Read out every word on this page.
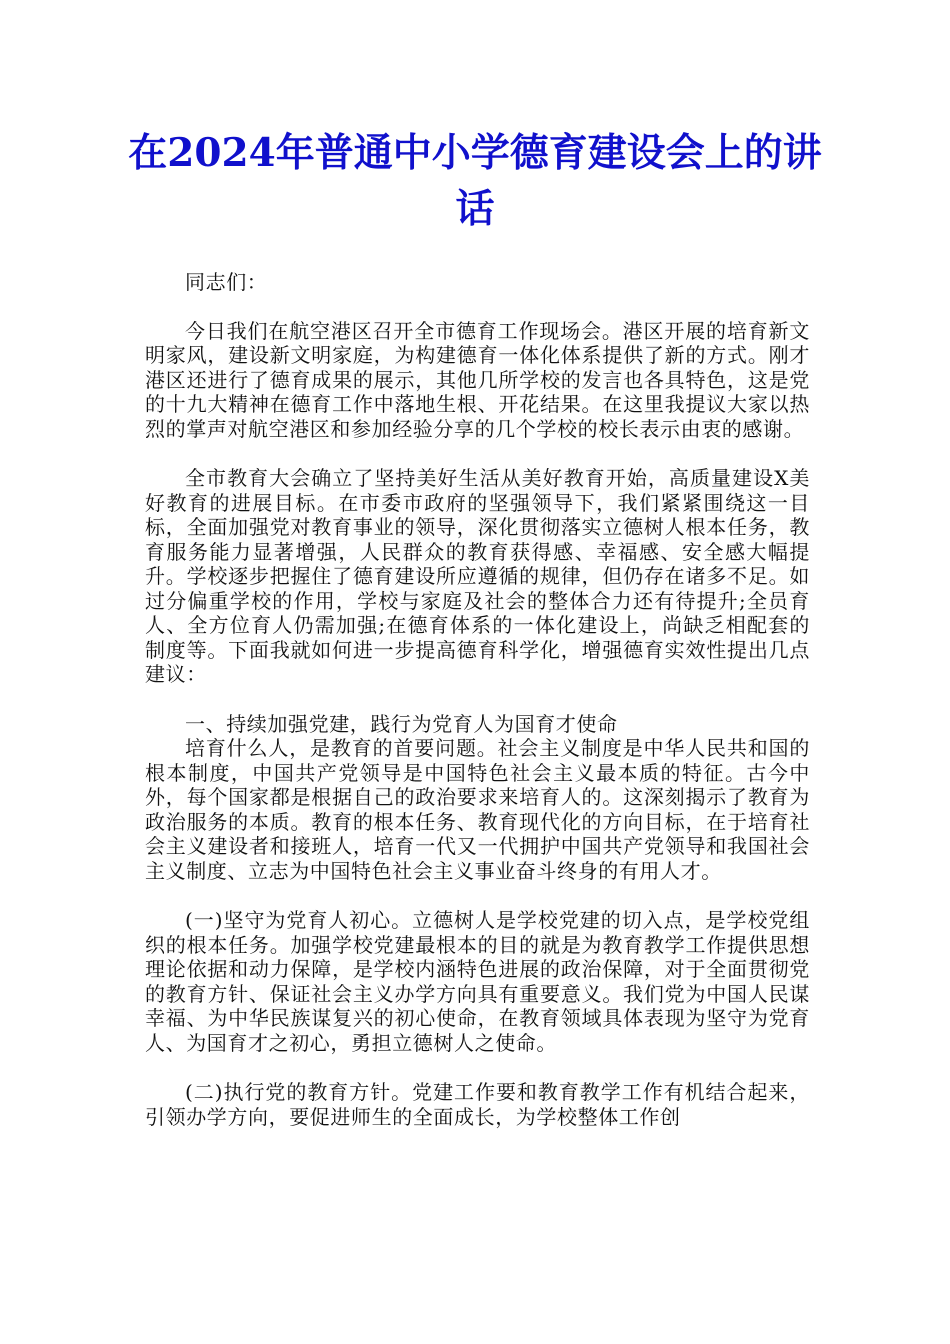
在2024年普通中小学德育建设会上的讲话

同志们：

今日我们在航空港区召开全市德育工作现场会。港区开展的培育新文明家风，建设新文明家庭，为构建德育一体化体系提供了新的方式。刚才港区还进行了德育成果的展示，其他几所学校的发言也各具特色，这是党的十九大精神在德育工作中落地生根、开花结果。在这里我提议大家以热烈的掌声对航空港区和参加经验分享的几个学校的校长表示由衷的感谢。

全市教育大会确立了坚持美好生活从美好教育开始，高质量建设X美好教育的进展目标。在市委市政府的坚强领导下，我们紧紧围绕这一目标，全面加强党对教育事业的领导，深化贯彻落实立德树人根本任务，教育服务能力显著增强，人民群众的教育获得感、幸福感、安全感大幅提升。学校逐步把握住了德育建设所应遵循的规律，但仍存在诸多不足。如过分偏重学校的作用，学校与家庭及社会的整体合力还有待提升;全员育人、全方位育人仍需加强;在德育体系的一体化建设上，尚缺乏相配套的制度等。下面我就如何进一步提高德育科学化，增强德育实效性提出几点建议：

一、持续加强党建，践行为党育人为国育才使命

培育什么人，是教育的首要问题。社会主义制度是中华人民共和国的根本制度，中国共产党领导是中国特色社会主义最本质的特征。古今中外，每个国家都是根据自己的政治要求来培育人的。这深刻揭示了教育为政治服务的本质。教育的根本任务、教育现代化的方向目标，在于培育社会主义建设者和接班人，培育一代又一代拥护中国共产党领导和我国社会主义制度、立志为中国特色社会主义事业奋斗终身的有用人才。

(一)坚守为党育人初心。立德树人是学校党建的切入点，是学校党组织的根本任务。加强学校党建最根本的目的就是为教育教学工作提供思想理论依据和动力保障，是学校内涵特色进展的政治保障，对于全面贯彻党的教育方针、保证社会主义办学方向具有重要意义。我们党为中国人民谋幸福、为中华民族谋复兴的初心使命，在教育领域具体表现为坚守为党育人、为国育才之初心，勇担立德树人之使命。

(二)执行党的教育方针。党建工作要和教育教学工作有机结合起来，引领办学方向，要促进师生的全面成长，为学校整体工作创
